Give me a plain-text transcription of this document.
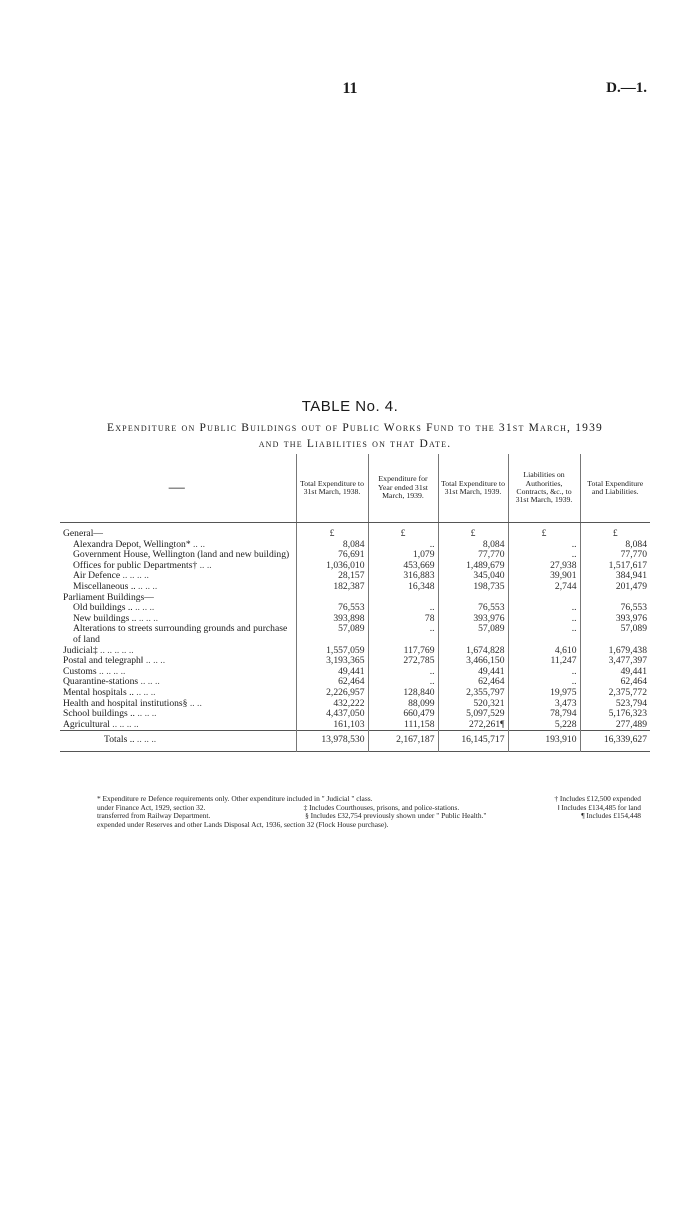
11	D.—1.
TABLE No. 4.
Expenditure on Public Buildings out of Public Works Fund to the 31st March, 1939
and the Liabilities on that Date.
—	Total Expenditure to 31st March, 1938.	Expenditure for Year ended 31st March, 1939.	Total Expenditure to 31st March, 1939.	Liabilities on Authorities, Contracts, &c., to 31st March, 1939.	Total Expenditure and Liabilities.

General—	£	£	£	£	£
Alexandra Depot, Wellington* .. ..	8,084	..	8,084	..	8,084
Government House, Wellington (land and new building)	76,691	1,079	77,770	..	77,770
Offices for public Departments† .. ..	1,036,010	453,669	1,489,679	27,938	1,517,617
Air Defence .. .. .. ..	28,157	316,883	345,040	39,901	384,941
Miscellaneous .. .. .. ..	182,387	16,348	198,735	2,744	201,479
Parliament Buildings—					
Old buildings .. .. .. ..	76,553	..	76,553	..	76,553
New buildings .. .. .. ..	393,898	78	393,976	..	393,976
Alterations to streets surrounding grounds and purchase of land	57,089	..	57,089	..	57,089
Judicial‡ .. .. .. .. ..	1,557,059	117,769	1,674,828	4,610	1,679,438
Postal and telegraph‖ .. .. ..	3,193,365	272,785	3,466,150	11,247	3,477,397
Customs .. .. .. ..	49,441	..	49,441	..	49,441
Quarantine-stations .. .. ..	62,464	..	62,464	..	62,464
Mental hospitals .. .. .. ..	2,226,957	128,840	2,355,797	19,975	2,375,772
Health and hospital institutions§ .. ..	432,222	88,099	520,321	3,473	523,794
School buildings .. .. .. ..	4,437,050	660,479	5,097,529	78,794	5,176,323
Agricultural .. .. .. ..	161,103	111,158	272,261¶	5,228	277,489
Totals .. .. .. ..	13,978,530	2,167,187	16,145,717	193,910	16,339,627

* Expenditure re Defence requirements only. Other expenditure included in " Judicial " class.	† Includes £12,500 expended
under Finance Act, 1929, section 32.	‡ Includes Courthouses, prisons, and police-stations.	‖ Includes £134,485 for land
transferred from Railway Department.	§ Includes £32,754 previously shown under " Public Health."	¶ Includes £154,448
expended under Reserves and other Lands Disposal Act, 1936, section 32 (Flock House purchase).
